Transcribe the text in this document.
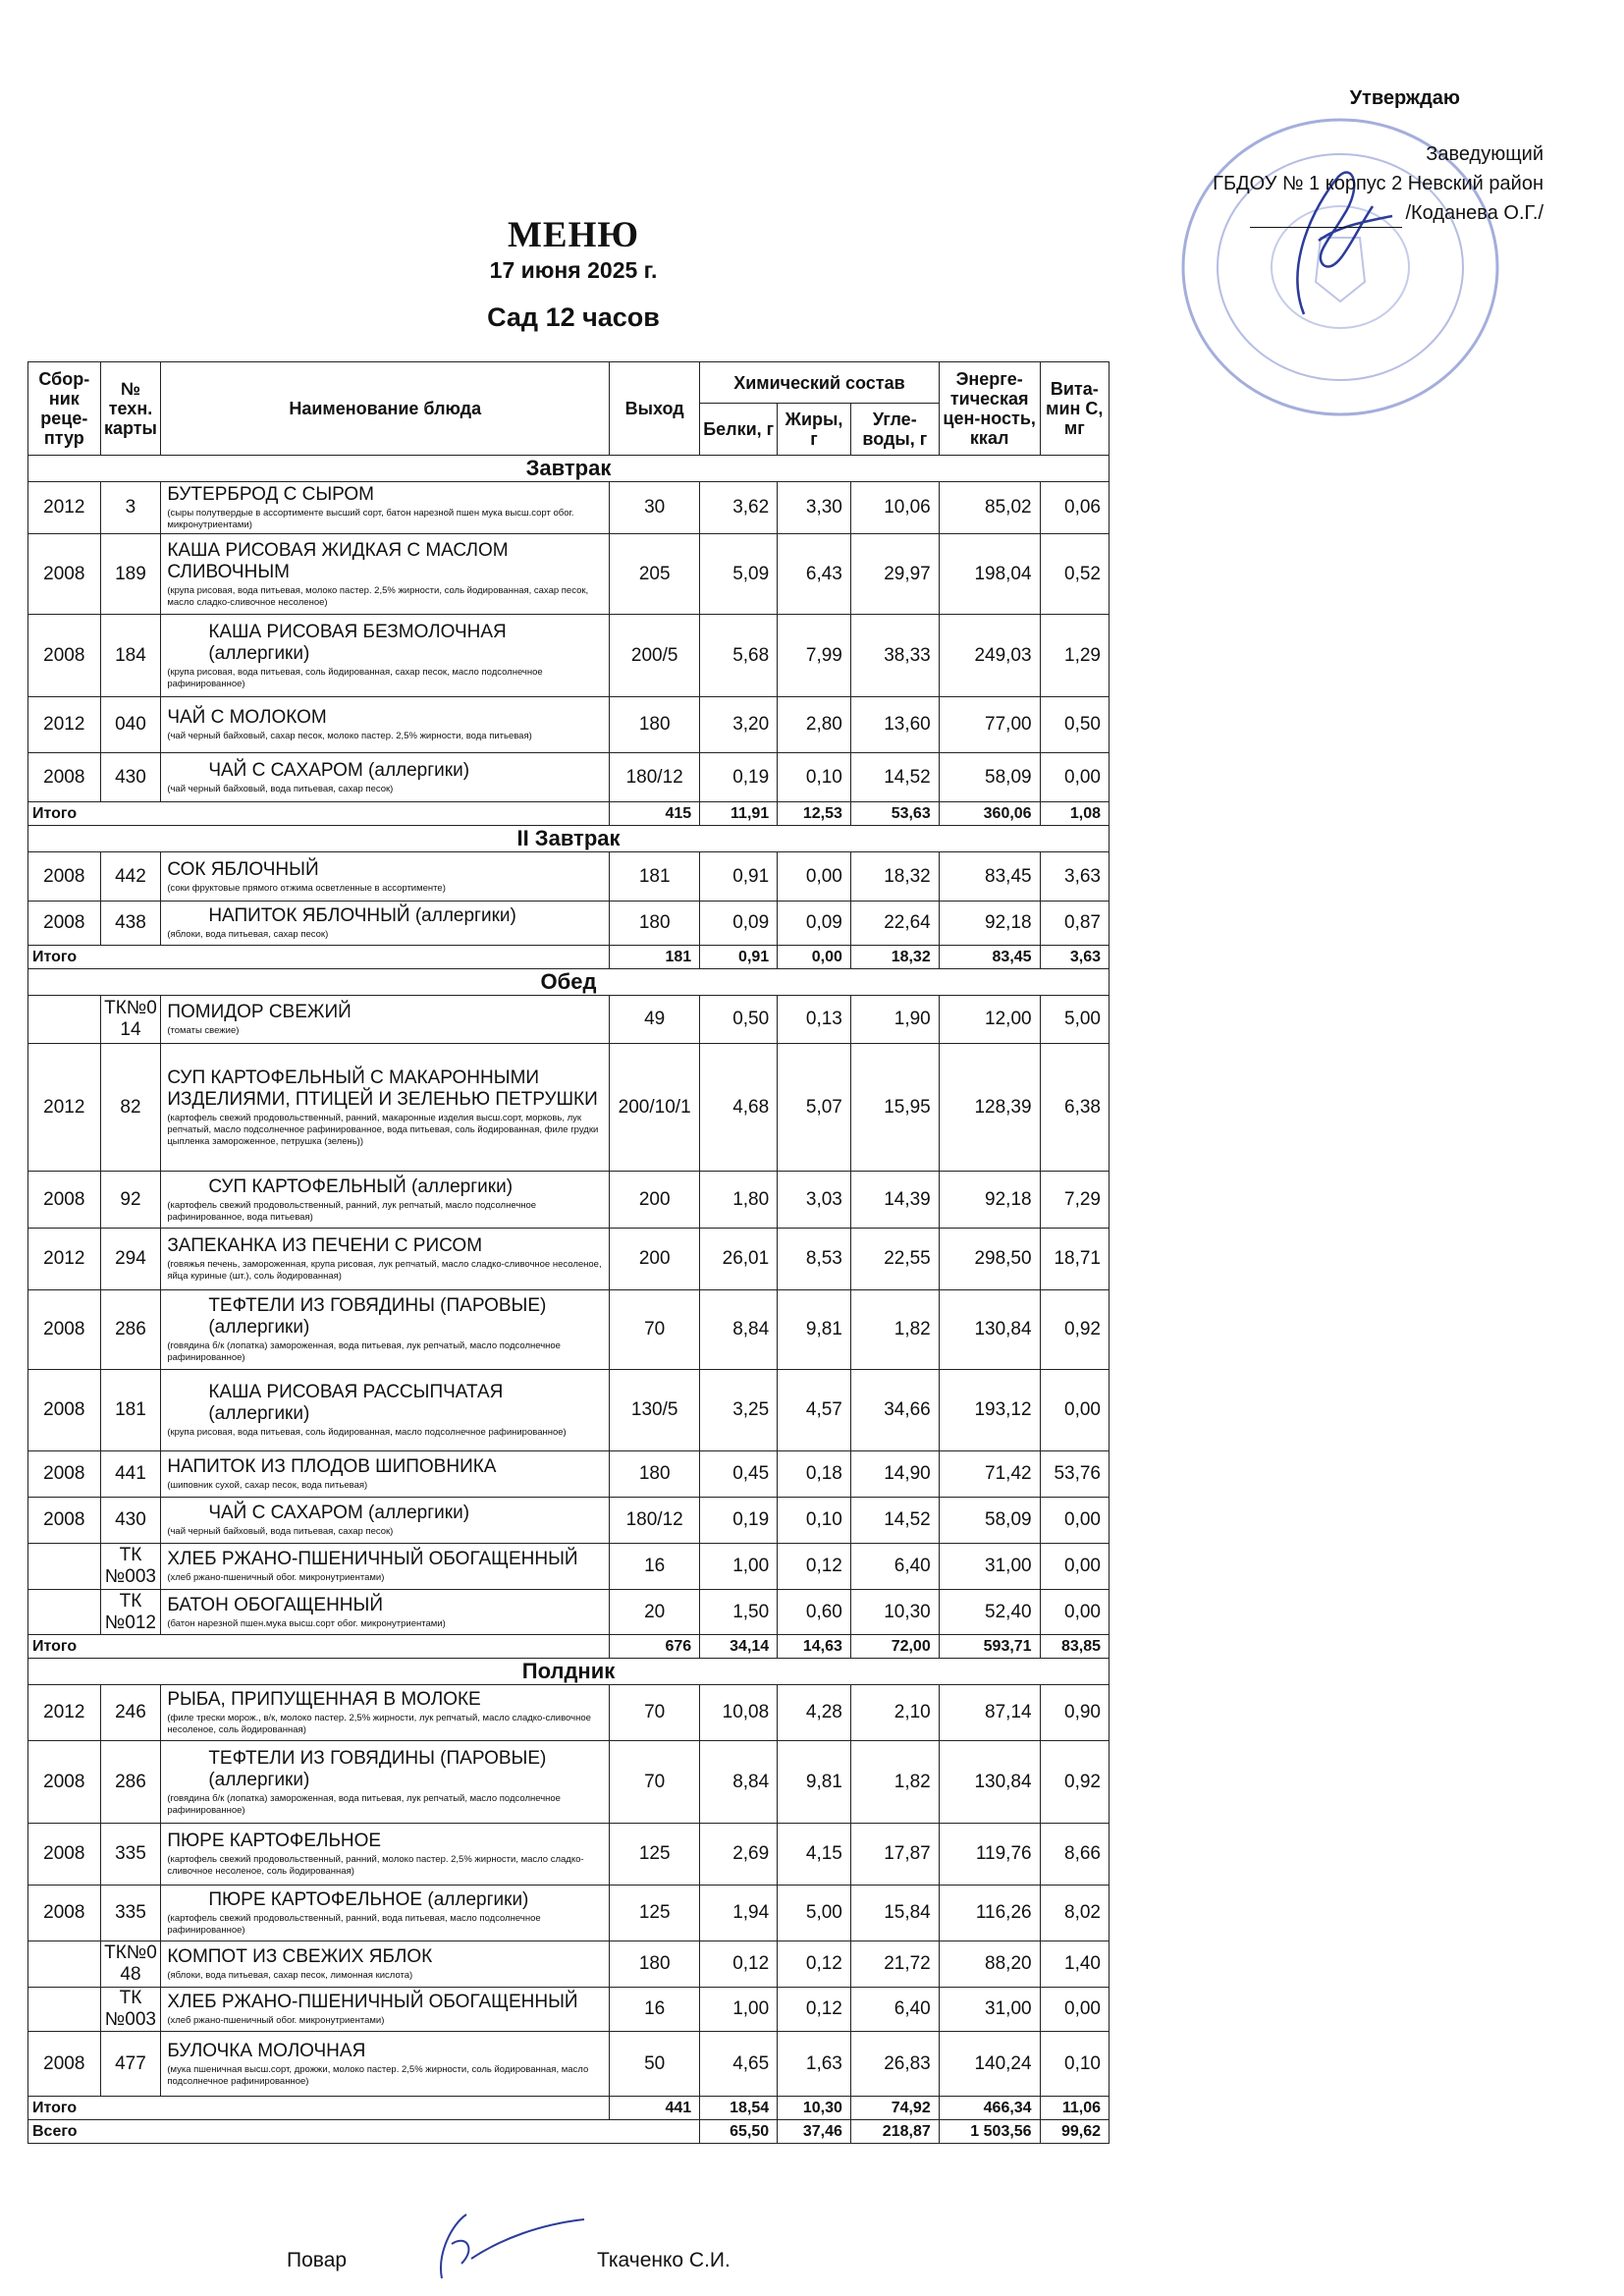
Утверждаю
Заведующий
ГБДОУ № 1 корпус 2 Невский район
/Коданева О.Г./
МЕНЮ
17 июня 2025 г.
Сад 12 часов
Сбор-ник реце-птур	№ техн. карты	Наименование блюда	Выход	Химический состав			Энерге-тическая цен-ность, ккал	Вита-мин С, мг
				Белки, г	Жиры, г	Угле-воды, г		
Завтрак								
2012	3	БУТЕРБРОД С СЫРОМ
(сыры полутвердые в ассортименте высший сорт, батон нарезной пшен мука высш.сорт обог. микронутриентами)	30	3,62	3,30	10,06	85,02	0,06
2008	189	КАША РИСОВАЯ ЖИДКАЯ С МАСЛОМ СЛИВОЧНЫМ
(крупа рисовая, вода питьевая, молоко пастер. 2,5% жирности, соль йодированная, сахар песок, масло сладко-сливочное несоленое)	205	5,09	6,43	29,97	198,04	0,52
2008	184	КАША РИСОВАЯ БЕЗМОЛОЧНАЯ (аллергики)
(крупа рисовая, вода питьевая, соль йодированная, сахар песок, масло подсолнечное рафинированное)	200/5	5,68	7,99	38,33	249,03	1,29
2012	040	ЧАЙ С МОЛОКОМ
(чай черный байховый, сахар песок, молоко пастер. 2,5% жирности, вода питьевая)	180	3,20	2,80	13,60	77,00	0,50
2008	430	ЧАЙ С САХАРОМ (аллергики)
(чай черный байховый, вода питьевая, сахар песок)	180/12	0,19	0,10	14,52	58,09	0,00
Итого			415	11,91	12,53	53,63	360,06	1,08
II Завтрак								
2008	442	СОК ЯБЛОЧНЫЙ
(соки фруктовые прямого отжима осветленные в ассортименте)	181	0,91	0,00	18,32	83,45	3,63
2008	438	НАПИТОК ЯБЛОЧНЫЙ (аллергики)
(яблоки, вода питьевая, сахар песок)	180	0,09	0,09	22,64	92,18	0,87
Итого			181	0,91	0,00	18,32	83,45	3,63
Обед								
	ТК№0 14	ПОМИДОР СВЕЖИЙ
(томаты свежие)	49	0,50	0,13	1,90	12,00	5,00
2012	82	СУП КАРТОФЕЛЬНЫЙ С МАКАРОННЫМИ ИЗДЕЛИЯМИ, ПТИЦЕЙ И ЗЕЛЕНЬЮ ПЕТРУШКИ
(картофель свежий продовольственный, ранний, макаронные изделия высш.сорт, морковь, лук репчатый, масло подсолнечное рафинированное, вода питьевая, соль йодированная, филе грудки цыпленка замороженное, петрушка (зелень))	200/10/1	4,68	5,07	15,95	128,39	6,38
2008	92	СУП КАРТОФЕЛЬНЫЙ (аллергики)
(картофель свежий продовольственный, ранний, лук репчатый, масло подсолнечное рафинированное, вода питьевая)	200	1,80	3,03	14,39	92,18	7,29
2012	294	ЗАПЕКАНКА ИЗ ПЕЧЕНИ С РИСОМ
(говяжья печень, замороженная, крупа рисовая, лук репчатый, масло сладко-сливочное несоленое, яйца куриные (шт.), соль йодированная)	200	26,01	8,53	22,55	298,50	18,71
2008	286	ТЕФТЕЛИ ИЗ ГОВЯДИНЫ (ПАРОВЫЕ) (аллергики)
(говядина б/к (лопатка) замороженная, вода питьевая, лук репчатый, масло подсолнечное рафинированное)	70	8,84	9,81	1,82	130,84	0,92
2008	181	КАША РИСОВАЯ РАССЫПЧАТАЯ (аллергики)
(крупа рисовая, вода питьевая, соль йодированная, масло подсолнечное рафинированное)	130/5	3,25	4,57	34,66	193,12	0,00
2008	441	НАПИТОК ИЗ ПЛОДОВ ШИПОВНИКА
(шиповник сухой, сахар песок, вода питьевая)	180	0,45	0,18	14,90	71,42	53,76
2008	430	ЧАЙ С САХАРОМ (аллергики)
(чай черный байховый, вода питьевая, сахар песок)	180/12	0,19	0,10	14,52	58,09	0,00
	ТК №003	ХЛЕБ РЖАНО-ПШЕНИЧНЫЙ ОБОГАЩЕННЫЙ
(хлеб ржано-пшеничный обог. микронутриентами)	16	1,00	0,12	6,40	31,00	0,00
	ТК №012	БАТОН ОБОГАЩЕННЫЙ
(батон нарезной пшен.мука высш.сорт обог. микронутриентами)	20	1,50	0,60	10,30	52,40	0,00
Итого			676	34,14	14,63	72,00	593,71	83,85
Полдник								
2012	246	РЫБА, ПРИПУЩЕННАЯ В МОЛОКЕ
(филе трески морож., в/к, молоко пастер. 2,5% жирности, лук репчатый, масло сладко-сливочное несоленое, соль йодированная)	70	10,08	4,28	2,10	87,14	0,90
2008	286	ТЕФТЕЛИ ИЗ ГОВЯДИНЫ (ПАРОВЫЕ) (аллергики)
(говядина б/к (лопатка) замороженная, вода питьевая, лук репчатый, масло подсолнечное рафинированное)	70	8,84	9,81	1,82	130,84	0,92
2008	335	ПЮРЕ КАРТОФЕЛЬНОЕ
(картофель свежий продовольственный, ранний, молоко пастер. 2,5% жирности, масло сладко-сливочное несоленое, соль йодированная)	125	2,69	4,15	17,87	119,76	8,66
2008	335	ПЮРЕ КАРТОФЕЛЬНОЕ (аллергики)
(картофель свежий продовольственный, ранний, вода питьевая, масло подсолнечное рафинированное)	125	1,94	5,00	15,84	116,26	8,02
	ТК№0 48	КОМПОТ ИЗ СВЕЖИХ ЯБЛОК
(яблоки, вода питьевая, сахар песок, лимонная кислота)	180	0,12	0,12	21,72	88,20	1,40
	ТК №003	ХЛЕБ РЖАНО-ПШЕНИЧНЫЙ ОБОГАЩЕННЫЙ
(хлеб ржано-пшеничный обог. микронутриентами)	16	1,00	0,12	6,40	31,00	0,00
2008	477	БУЛОЧКА МОЛОЧНАЯ
(мука пшеничная высш.сорт, дрожжи, молоко пастер. 2,5% жирности, соль йодированная, масло подсолнечное рафинированное)	50	4,65	1,63	26,83	140,24	0,10
Итого			441	18,54	10,30	74,92	466,34	11,06
Всего				65,50	37,46	218,87	1 503,56	99,62
Повар	Ткаченко С.И.
